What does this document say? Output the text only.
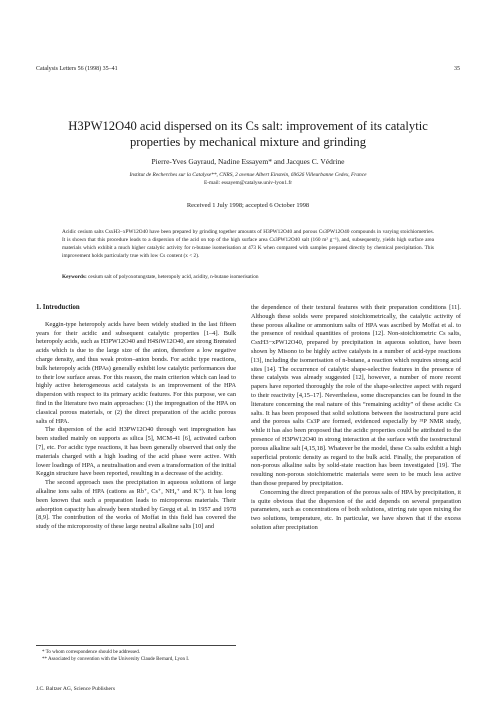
Catalysis Letters 56 (1998) 35–41	35
H3PW12O40 acid dispersed on its Cs salt: improvement of its catalytic properties by mechanical mixture and grinding
Pierre-Yves Gayraud, Nadine Essayem* and Jacques C. Védrine
Institut de Recherches sur la Catalyse**, CNRS, 2 avenue Albert Einstein, 69626 Villeurbanne Cedex, France
E-mail: essayem@catalyse.univ-lyon1.fr
Received 1 July 1998; accepted 6 October 1998
Acidic cesium salts CsxH3−xPW12O40 have been prepared by grinding together amounts of H3PW12O40 and porous Cs3PW12O40 compounds in varying stoichiometries. It is shown that this procedure leads to a dispersion of the acid on top of the high surface area Cs3PW12O40 salt (160 m² g⁻¹), and, subsequently, yields high surface area materials which exhibit a much higher catalytic activity for n-butane isomerisation at 473 K when compared with samples prepared directly by chemical precipitation. This improvement holds particularly true with low Cs content (x < 2).
Keywords: cesium salt of polyoxotungstate, heteropoly acid, acidity, n-butane isomerisation
1. Introduction

Keggin-type heteropoly acids have been widely studied in the last fifteen years for their acidic and subsequent catalytic properties [1–4]. Bulk heteropoly acids, such as H3PW12O40 and H4SiW12O40, are strong Brønsted acids which is due to the large size of the anion, therefore a low negative charge density, and thus weak proton–anion bonds. For acidic type reactions, bulk heteropoly acids (HPAs) generally exhibit low catalytic performances due to their low surface areas. For this reason, the main criterion which can lead to highly active heterogeneous acid catalysts is an improvement of the HPA dispersion with respect to its primary acidic features. For this purpose, we can find in the literature two main approaches: (1) the impregnation of the HPA on classical porous materials, or (2) the direct preparation of the acidic porous salts of HPA.

The dispersion of the acid H3PW12O40 through wet impregnation has been studied mainly on supports as silica [5], MCM-41 [6], activated carbon [7], etc. For acidic type reactions, it has been generally observed that only the materials charged with a high loading of the acid phase were active. With lower loadings of HPA, a neutralisation and even a transformation of the initial Keggin structure have been reported, resulting in a decrease of the acidity.

The second approach uses the precipitation in aqueous solutions of large alkaline ions salts of HPA (cations as Rb⁺, Cs⁺, NH₄⁺ and K⁺). It has long been known that such a preparation leads to microporous materials. Their adsorption capacity has already been studied by Gregg et al. in 1957 and 1978 [8,9]. The contribution of the works of Moffat in this field has covered the study of the microporosity of these large neutral alkaline salts [10] and

the dependence of their textural features with their preparation conditions [11]. Although these solids were prepared stoichiometrically, the catalytic activity of these porous alkaline or ammonium salts of HPA was ascribed by Moffat et al. to the presence of residual quantities of protons [12]. Non-stoichiometric Cs salts, CsxH3−xPW12O40, prepared by precipitation in aqueous solution, have been shown by Misono to be highly active catalysts in a number of acid-type reactions [13], including the isomerisation of n-butane, a reaction which requires strong acid sites [14]. The occurrence of catalytic shape-selective features in the presence of these catalysts was already suggested [12], however, a number of more recent papers have reported thoroughly the role of the shape-selective aspect with regard to their reactivity [4,15–17]. Nevertheless, some discrepancies can be found in the literature concerning the real nature of this “remaining acidity” of these acidic Cs salts. It has been proposed that solid solutions between the isostructural pure acid and the porous salts Cs3P are formed, evidenced especially by ³¹P NMR study, while it has also been proposed that the acidic properties could be attributed to the presence of H3PW12O40 in strong interaction at the surface with the isostructural porous alkaline salt [4,15,18]. Whatever be the model, these Cs salts exhibit a high superficial protonic density as regard to the bulk acid. Finally, the preparation of non-porous alkaline salts by solid-state reaction has been investigated [19]. The resulting non-porous stoichiometric materials were seen to be much less active than those prepared by precipitation.

Concerning the direct preparation of the porous salts of HPA by precipitation, it is quite obvious that the dispersion of the acid depends on several preparation parameters, such as concentrations of both solutions, stirring rate upon mixing the two solutions, temperature, etc. In particular, we have shown that if the excess solution after precipitation

* To whom correspondence should be addressed.
** Associated by convention with the University Claude Bernard, Lyon I.
J.C. Baltzer AG, Science Publishers
